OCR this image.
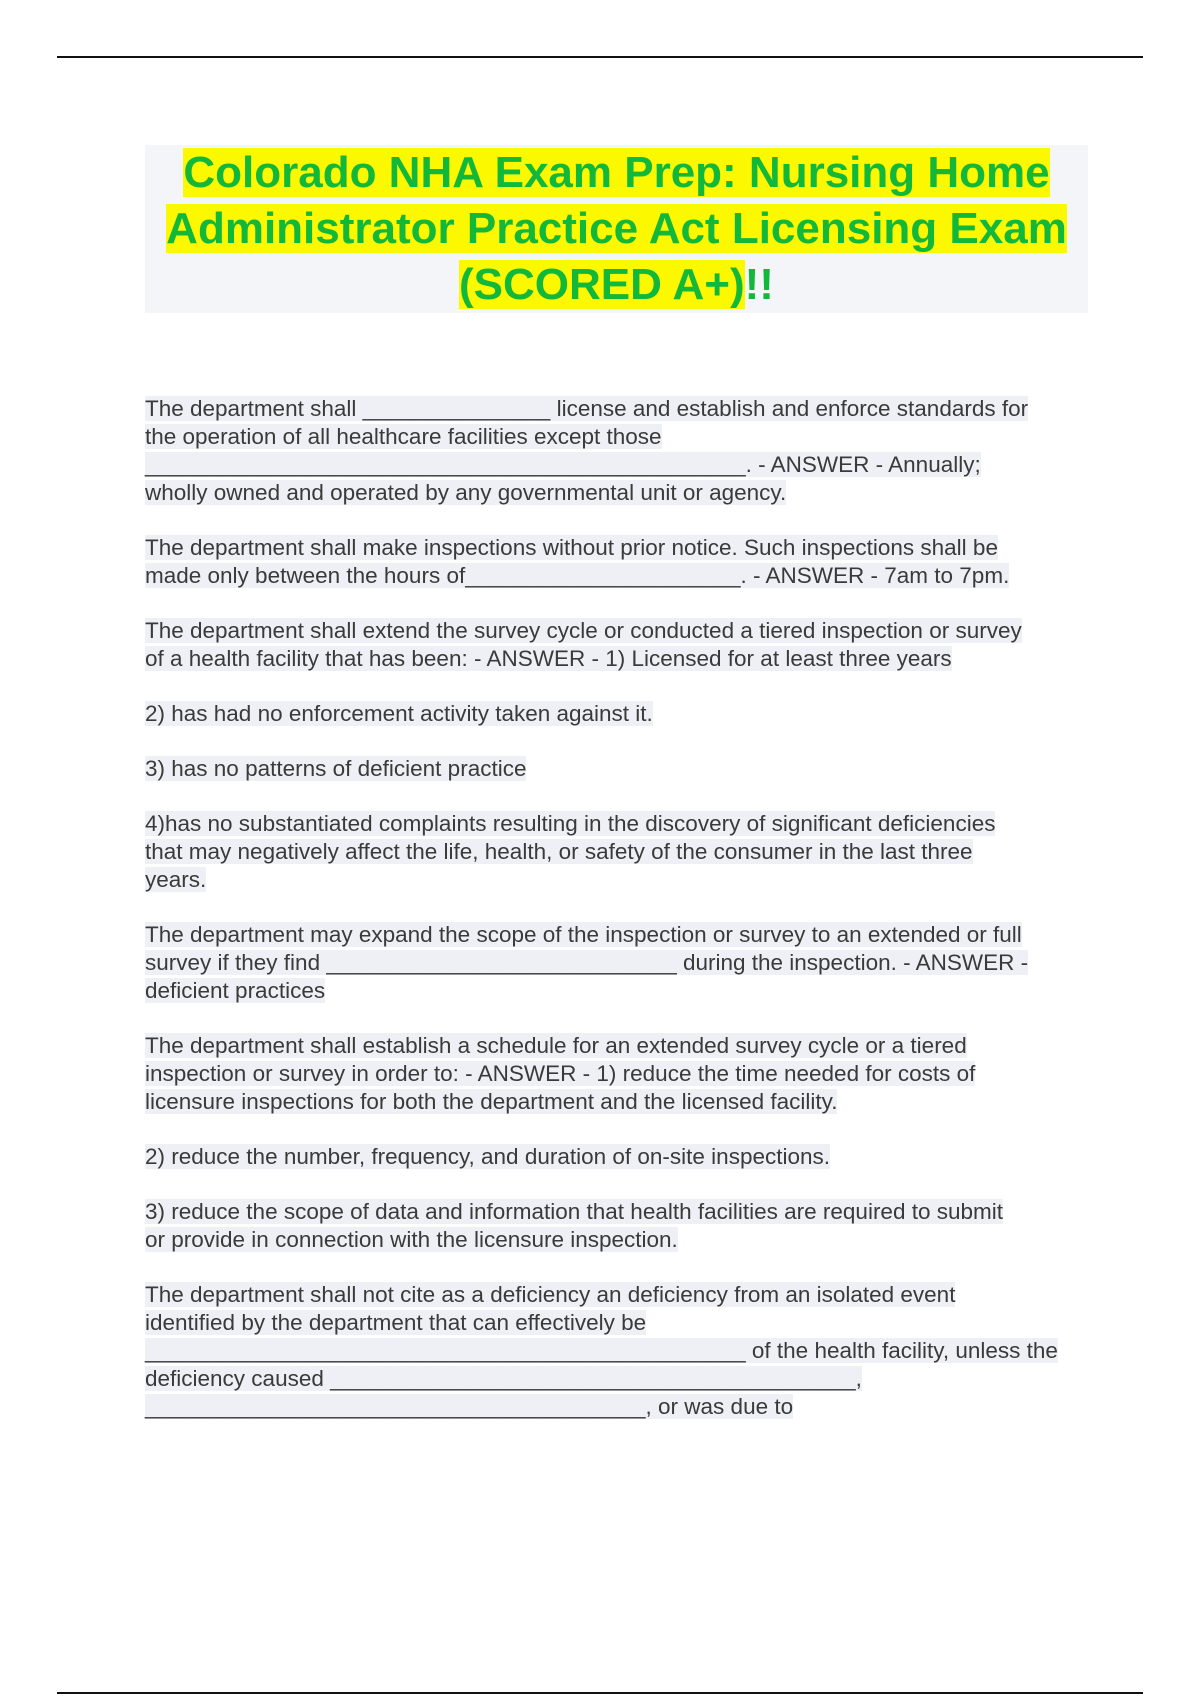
Colorado NHA Exam Prep: Nursing Home Administrator Practice Act Licensing Exam (SCORED A+)!!

The department shall _______________ license and establish and enforce standards for
the operation of all healthcare facilities except those
________________________________________________. - ANSWER - Annually;
wholly owned and operated by any governmental unit or agency.

The department shall make inspections without prior notice. Such inspections shall be
made only between the hours of______________________. - ANSWER - 7am to 7pm.

The department shall extend the survey cycle or conducted a tiered inspection or survey
of a health facility that has been: - ANSWER - 1) Licensed for at least three years

2) has had no enforcement activity taken against it.

3) has no patterns of deficient practice

4)has no substantiated complaints resulting in the discovery of significant deficiencies
that may negatively affect the life, health, or safety of the consumer in the last three
years.

The department may expand the scope of the inspection or survey to an extended or full
survey if they find ____________________________ during the inspection. - ANSWER -
deficient practices

The department shall establish a schedule for an extended survey cycle or a tiered
inspection or survey in order to: - ANSWER - 1) reduce the time needed for costs of
licensure inspections for both the department and the licensed facility.

2) reduce the number, frequency, and duration of on-site inspections.

3) reduce the scope of data and information that health facilities are required to submit
or provide in connection with the licensure inspection.

The department shall not cite as a deficiency an deficiency from an isolated event
identified by the department that can effectively be
________________________________________________ of the health facility, unless the
deficiency caused __________________________________________,
________________________________________, or was due to
